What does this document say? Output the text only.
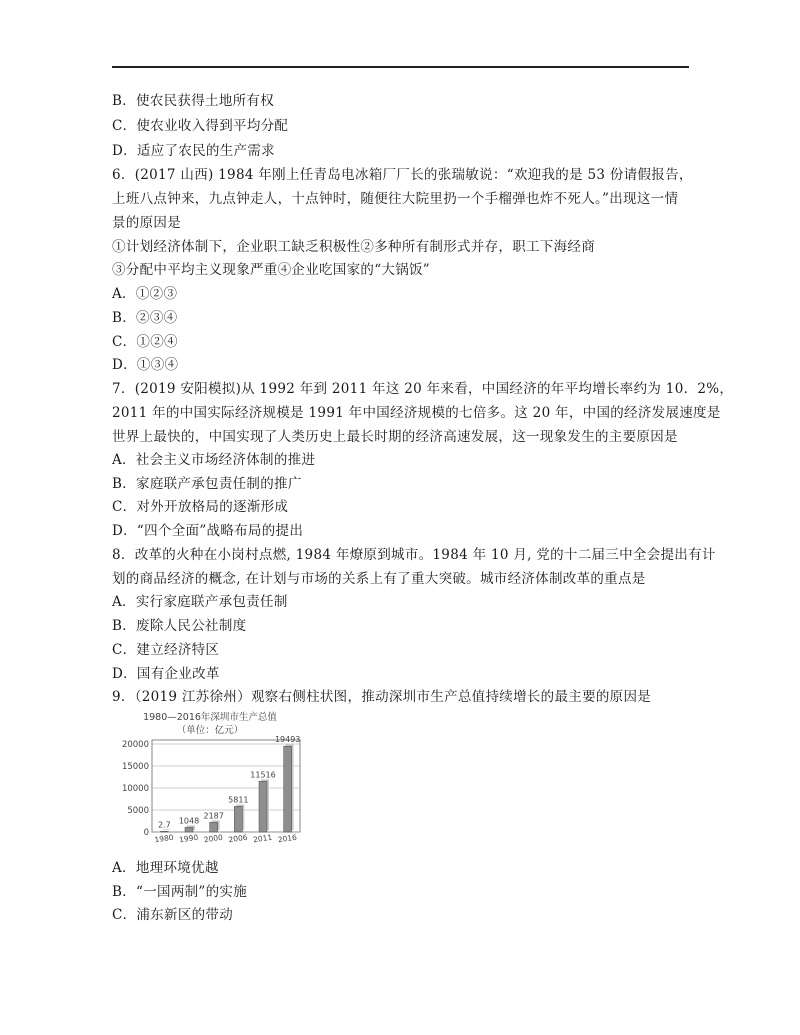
B．使农民获得土地所有权
C．使农业收入得到平均分配
D．适应了农民的生产需求
6．(2017 山西) 1984 年刚上任青岛电冰箱厂厂长的张瑞敏说：“欢迎我的是 53 份请假报告，
上班八点钟来，九点钟走人，十点钟时，随便往大院里扔一个手榴弹也炸不死人。”出现这一情
景的原因是
①计划经济体制下，企业职工缺乏积极性②多种所有制形式并存，职工下海经商
③分配中平均主义现象严重④企业吃国家的“大锅饭”
A．①②③
B．②③④
C．①②④
D．①③④
7．(2019 安阳模拟)从 1992 年到 2011 年这 20 年来看，中国经济的年平均增长率约为 10．2%，
2011 年的中国实际经济规模是 1991 年中国经济规模的七倍多。这 20 年，中国的经济发展速度是
世界上最快的，中国实现了人类历史上最长时期的经济高速发展，这一现象发生的主要原因是
A．社会主义市场经济体制的推进
B．家庭联产承包责任制的推广
C．对外开放格局的逐渐形成
D．“四个全面”战略布局的提出
8．改革的火种在小岗村点燃, 1984 年燎原到城市。1984 年 10 月, 党的十二届三中全会提出有计
划的商品经济的概念, 在计划与市场的关系上有了重大突破。城市经济体制改革的重点是
A．实行家庭联产承包责任制
B．废除人民公社制度
C．建立经济特区
D．国有企业改革
9．（2019 江苏徐州）观察右侧柱状图，推动深圳市生产总值持续增长的最主要的原因是
1980—2016年深圳市生产总值
（单位：亿元）
20000
15000
10000
5000
0
2.7
1980
1048
1990
2187
2000
5811
2006
11516
2011
19493
2016
A．地理环境优越
B．“一国两制”的实施
C．浦东新区的带动
